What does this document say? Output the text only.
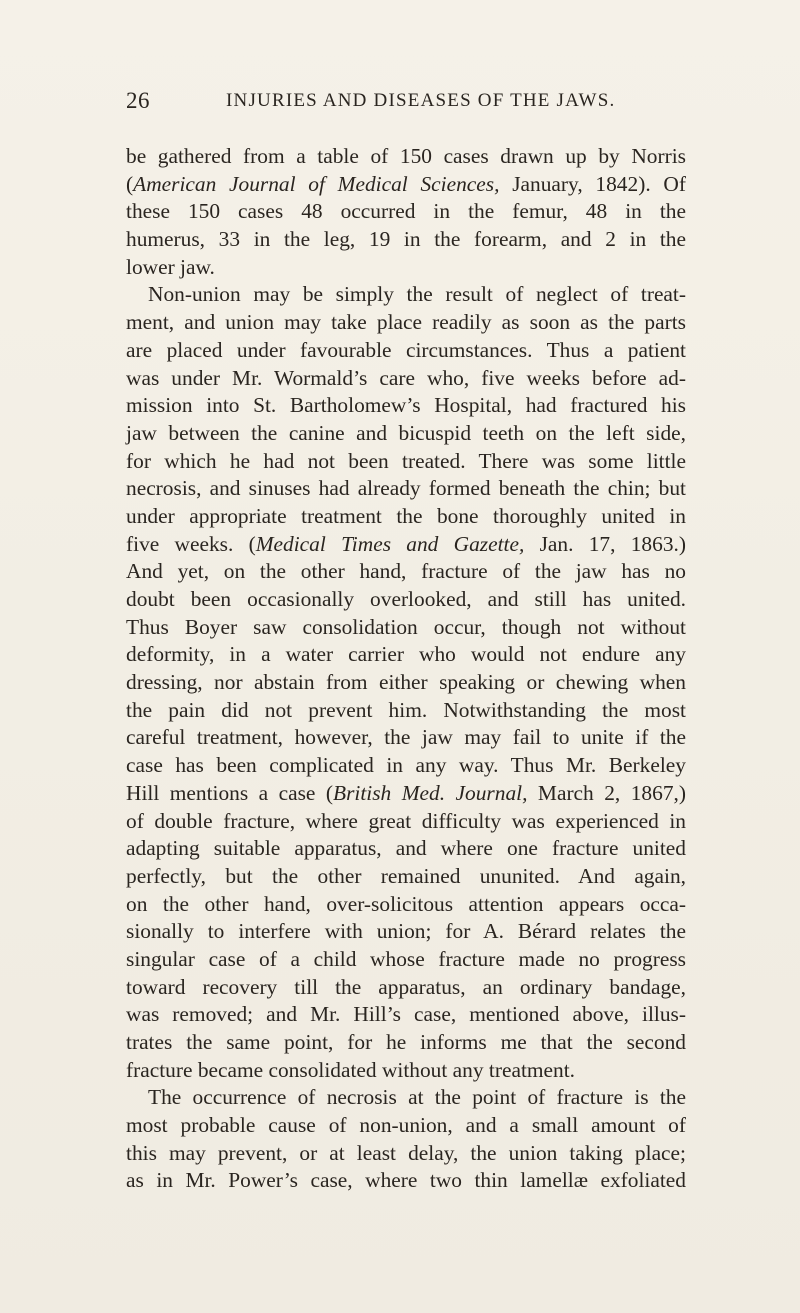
26	INJURIES AND DISEASES OF THE JAWS.
be gathered from a table of 150 cases drawn up by Norris
(American Journal of Medical Sciences, January, 1842). Of
these 150 cases 48 occurred in the femur, 48 in the
humerus, 33 in the leg, 19 in the forearm, and 2 in the
lower jaw.
Non-union may be simply the result of neglect of treat-
ment, and union may take place readily as soon as the parts
are placed under favourable circumstances. Thus a patient
was under Mr. Wormald’s care who, five weeks before ad-
mission into St. Bartholomew’s Hospital, had fractured his
jaw between the canine and bicuspid teeth on the left side,
for which he had not been treated. There was some little
necrosis, and sinuses had already formed beneath the chin; but
under appropriate treatment the bone thoroughly united in
five weeks. (Medical Times and Gazette, Jan. 17, 1863.)
And yet, on the other hand, fracture of the jaw has no
doubt been occasionally overlooked, and still has united.
Thus Boyer saw consolidation occur, though not without
deformity, in a water carrier who would not endure any
dressing, nor abstain from either speaking or chewing when
the pain did not prevent him. Notwithstanding the most
careful treatment, however, the jaw may fail to unite if the
case has been complicated in any way. Thus Mr. Berkeley
Hill mentions a case (British Med. Journal, March 2, 1867,)
of double fracture, where great difficulty was experienced in
adapting suitable apparatus, and where one fracture united
perfectly, but the other remained ununited. And again,
on the other hand, over-solicitous attention appears occa-
sionally to interfere with union; for A. Bérard relates the
singular case of a child whose fracture made no progress
toward recovery till the apparatus, an ordinary bandage,
was removed; and Mr. Hill’s case, mentioned above, illus-
trates the same point, for he informs me that the second
fracture became consolidated without any treatment.
The occurrence of necrosis at the point of fracture is the
most probable cause of non-union, and a small amount of
this may prevent, or at least delay, the union taking place;
as in Mr. Power’s case, where two thin lamellæ exfoliated
